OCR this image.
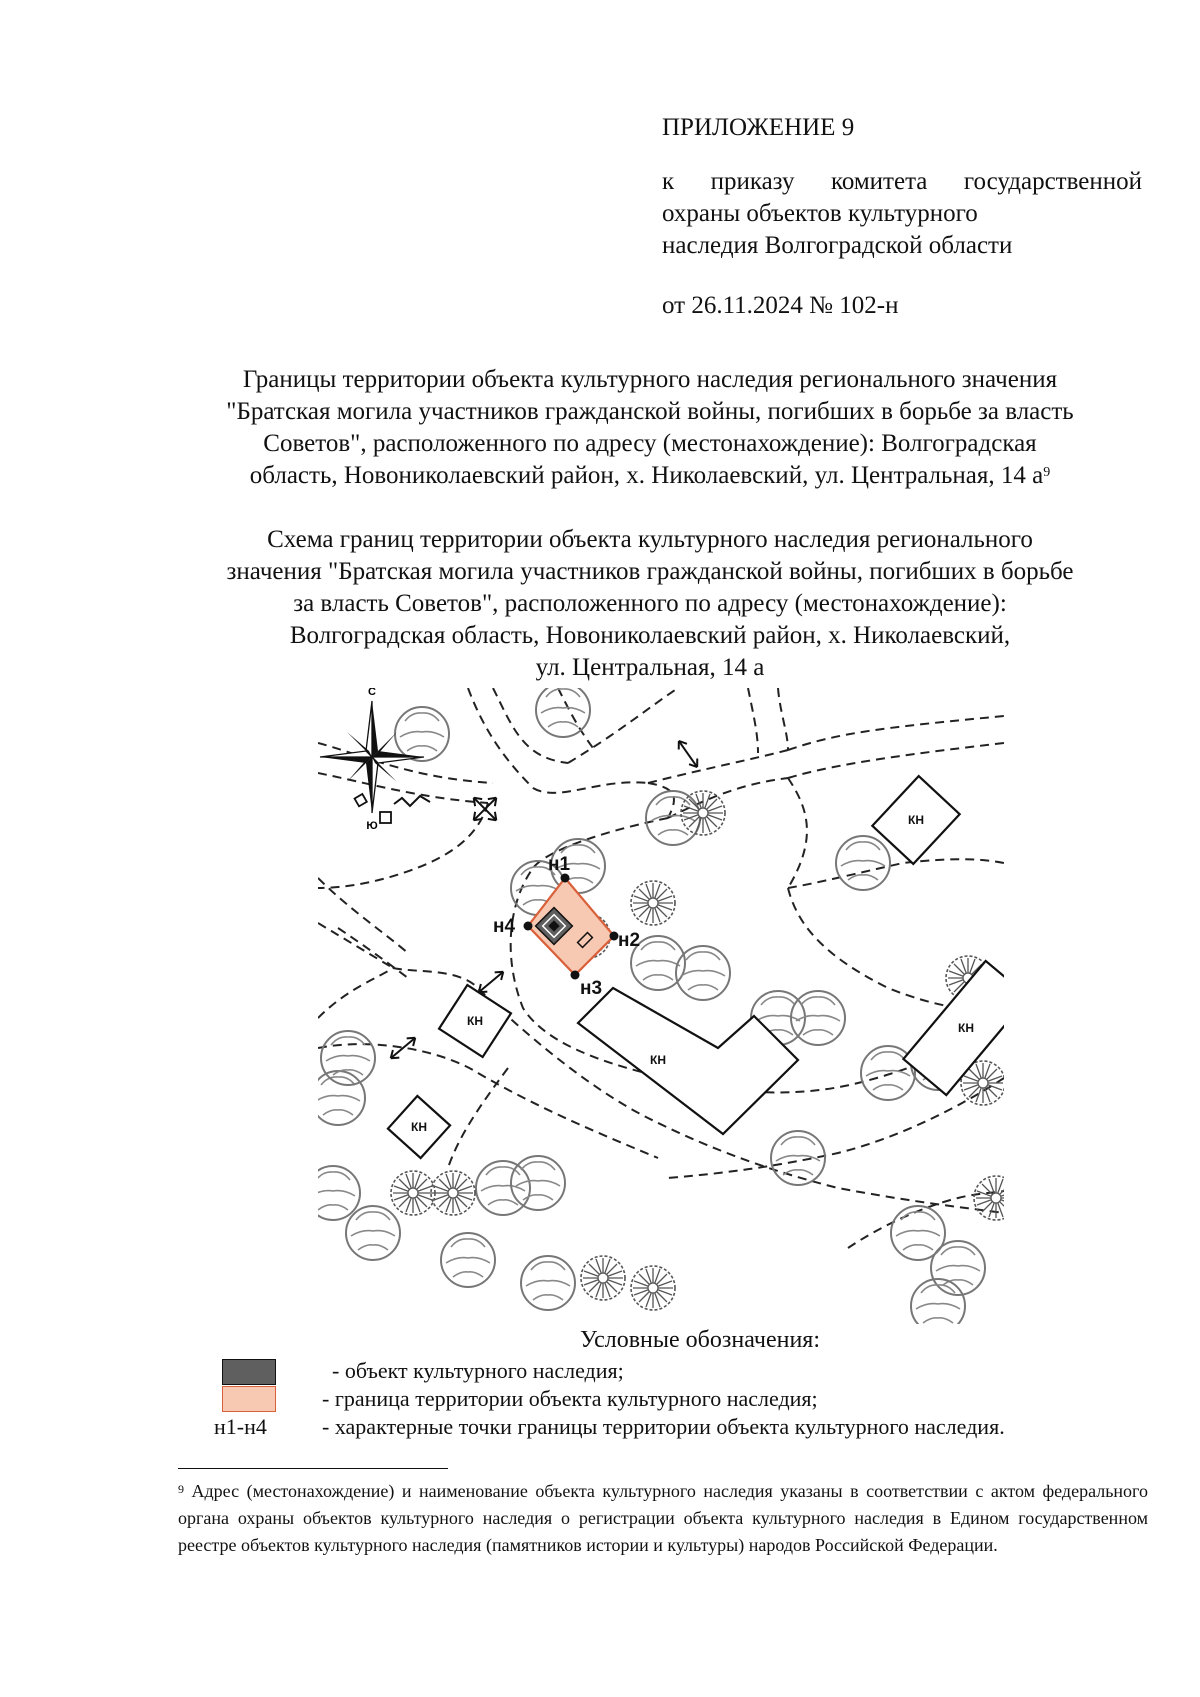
ПРИЛОЖЕНИЕ 9
к приказу комитета государственной
охраны объектов культурного
наследия Волгоградской области
от 26.11.2024 № 102-н
Границы территории объекта культурного наследия регионального значения
"Братская могила участников гражданской войны, погибших в борьбе за власть
Советов", расположенного по адресу (местонахождение): Волгоградская
область, Новониколаевский район, х. Николаевский, ул. Центральная, 14 $а^9$
Схема границ территории объекта культурного наследия регионального
значения "Братская могила участников гражданской войны, погибших в борьбе
за власть Советов", расположенного по адресу (местонахождение):
Волгоградская область, Новониколаевский район, х. Николаевский,
ул. Центральная, 14 а
КН
КН
КН
КН
КН
С
Ю
н1
н2
н3
н4
Условные обозначения:
- объект культурного наследия;
- граница территории объекта культурного наследия;
н1-н4	- характерные точки границы территории объекта культурного наследия.
$^9$ Адрес (местонахождение) и наименование объекта культурного наследия указаны в соответствии с актом федерального органа охраны объектов культурного наследия о регистрации объекта культурного наследия в Едином государственном реестре объектов культурного наследия (памятников истории и культуры) народов Российской Федерации.
